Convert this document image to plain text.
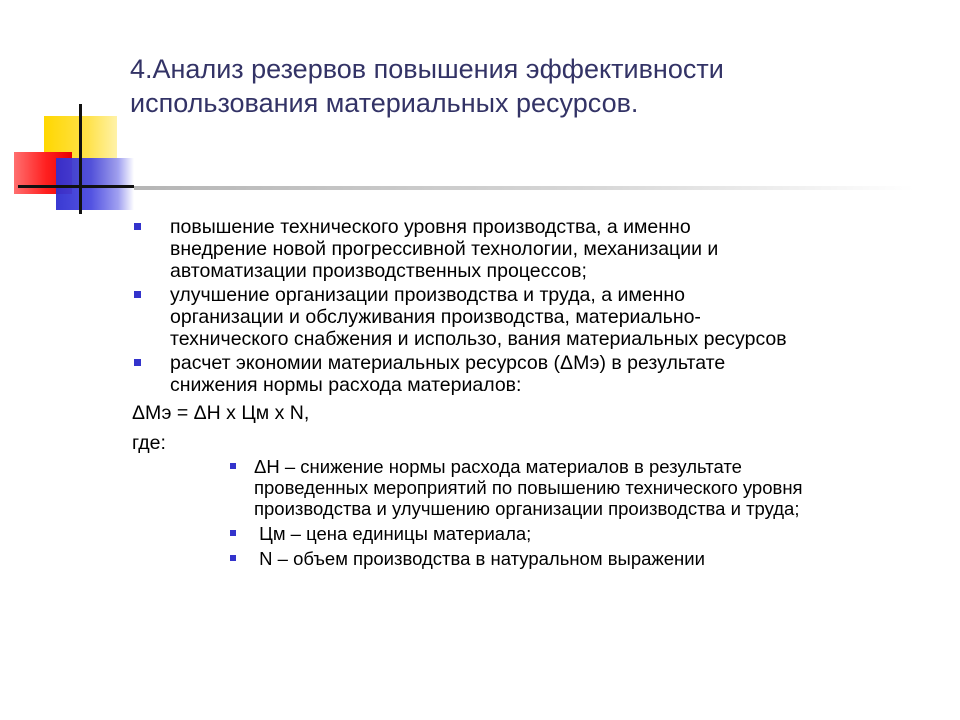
4.Анализ резервов повышения эффективности
использования материальных ресурсов.
повышение технического уровня производства, а именно
внедрение новой прогрессивной технологии, механизации и
автоматизации производственных процессов;
улучшение организации производства и труда, а именно
организации и обслуживания производства, материально-
технического снабжения и использо, вания материальных ресурсов
расчет экономии материальных ресурсов (ΔМэ) в результате
снижения нормы расхода материалов:
ΔМэ = ΔН х Цм х N,
где:
ΔН – снижение нормы расхода материалов в результате
проведенных мероприятий по повышению технического уровня
производства и улучшению организации производства и труда;
Цм – цена единицы материала;
N – объем производства в натуральном выражении
